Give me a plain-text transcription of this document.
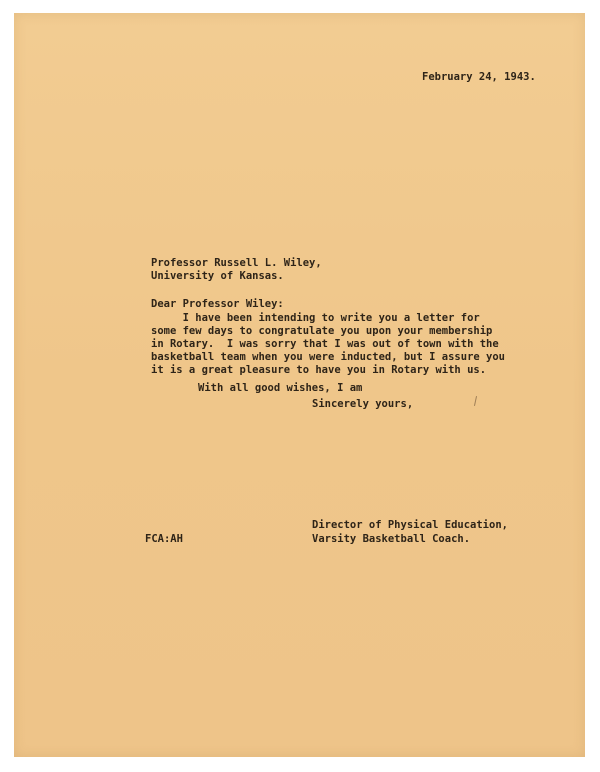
February 24, 1943.
Professor Russell L. Wiley,
University of Kansas.
Dear Professor Wiley:
I have been intending to write you a letter for
some few days to congratulate you upon your membership
in Rotary.  I was sorry that I was out of town with the
basketball team when you were inducted, but I assure you
it is a great pleasure to have you in Rotary with us.
With all good wishes, I am
Sincerely yours,
Director of Physical Education,
Varsity Basketball Coach.
FCA:AH
